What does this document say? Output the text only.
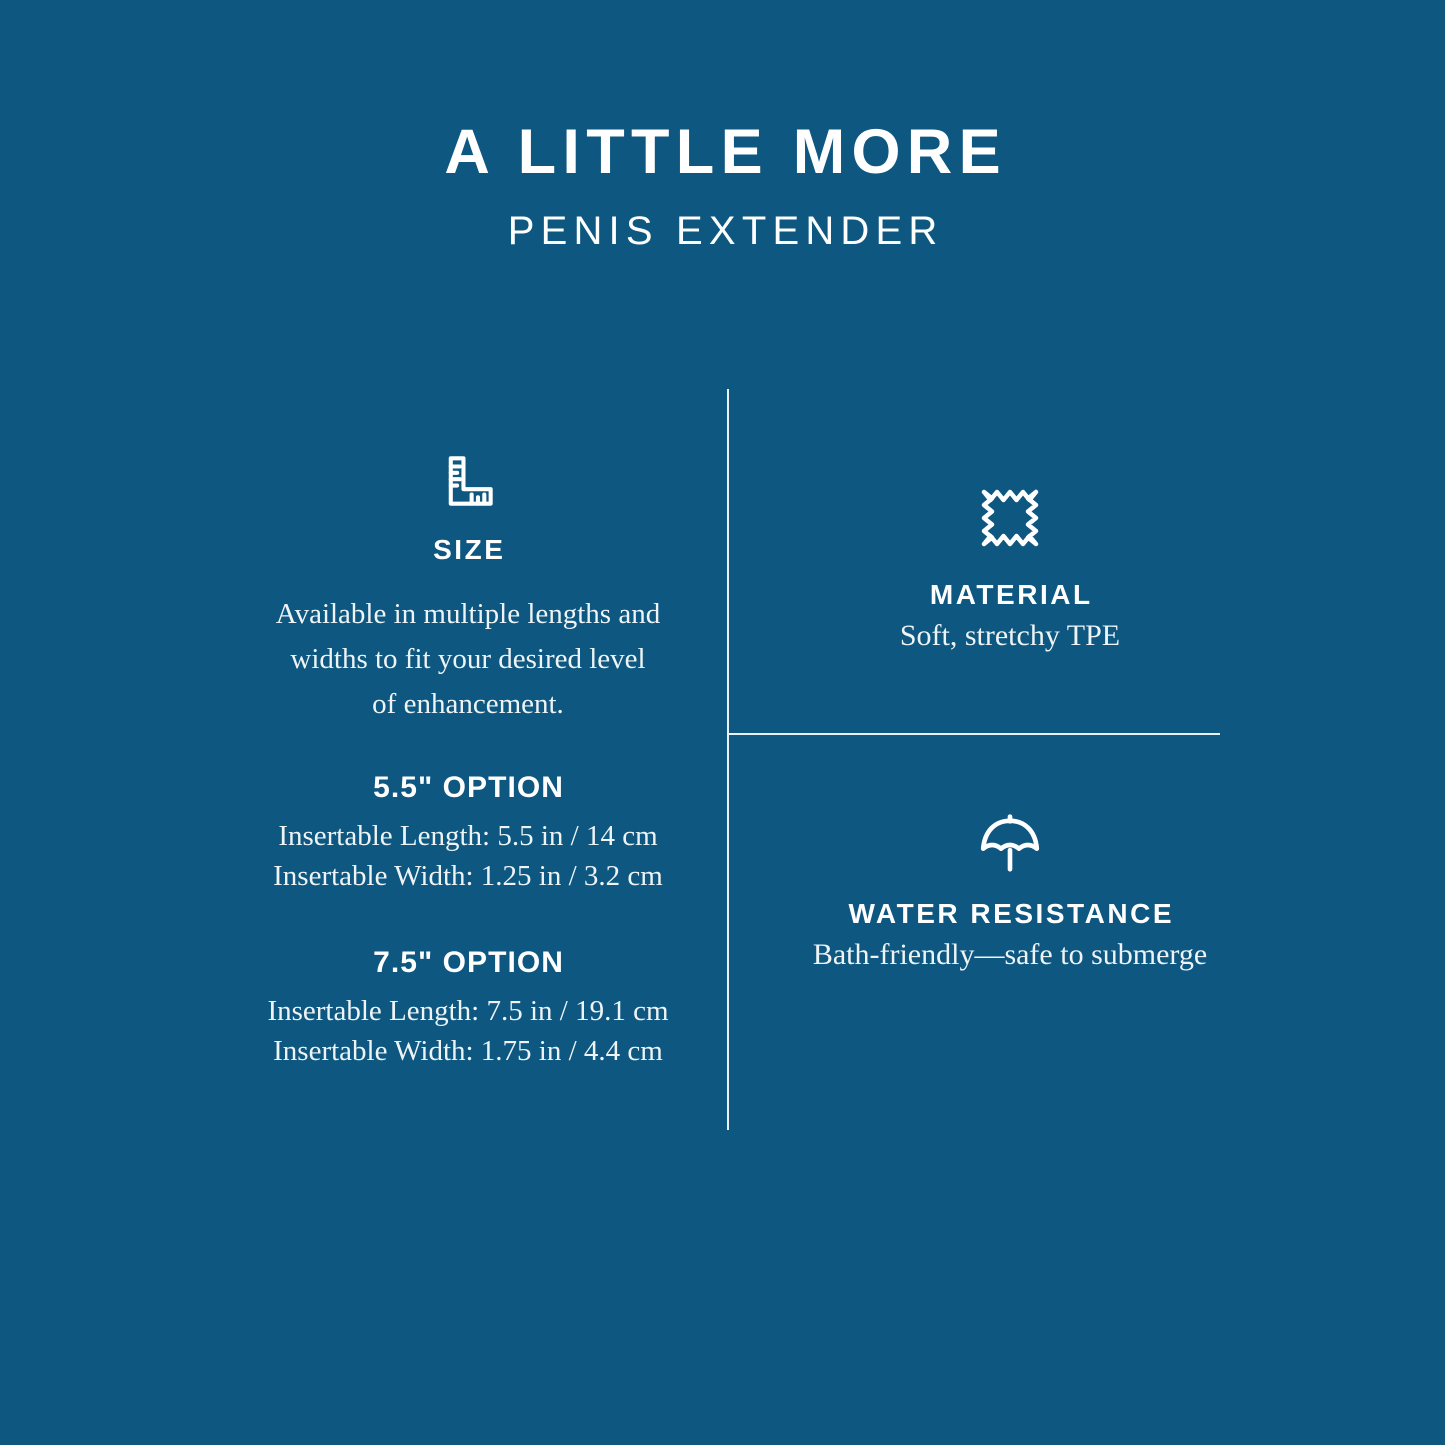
A LITTLE MORE
PENIS EXTENDER
SIZE
Available in multiple lengths and
widths to fit your desired level
of enhancement.
5.5" OPTION
Insertable Length: 5.5 in / 14 cm
Insertable Width: 1.25 in / 3.2 cm
7.5" OPTION
Insertable Length: 7.5 in / 19.1 cm
Insertable Width: 1.75 in / 4.4 cm
MATERIAL
Soft, stretchy TPE
WATER RESISTANCE
Bath-friendly—safe to submerge
